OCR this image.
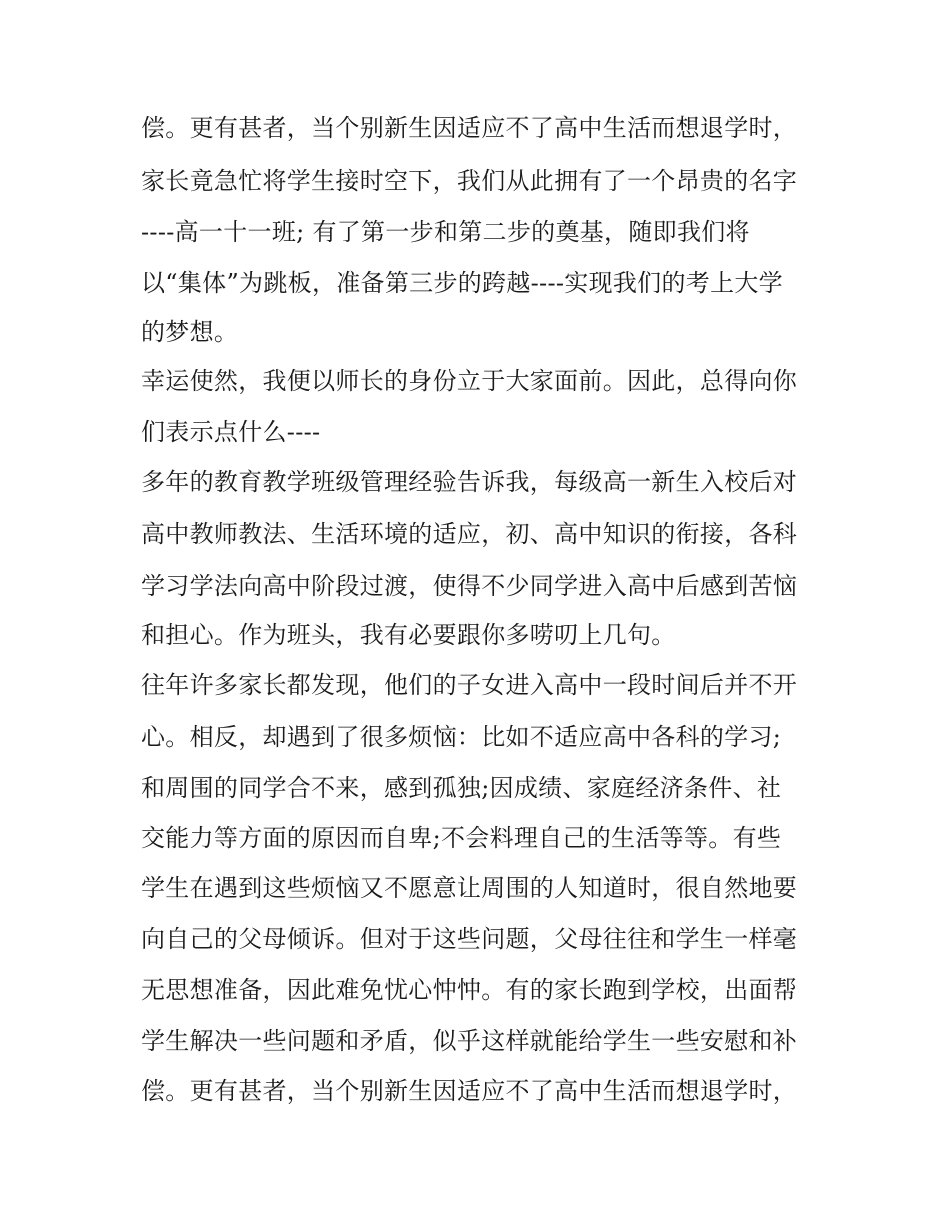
偿。更有甚者，当个别新生因适应不了高中生活而想退学时，
家长竟急忙将学生接时空下，我们从此拥有了一个昂贵的名字
----高一十一班; 有了第一步和第二步的奠基，随即我们将
以“集体”为跳板，准备第三步的跨越----实现我们的考上大学
的梦想。
幸运使然，我便以师长的身份立于大家面前。因此，总得向你
们表示点什么----
多年的教育教学班级管理经验告诉我，每级高一新生入校后对
高中教师教法、生活环境的适应，初、高中知识的衔接，各科
学习学法向高中阶段过渡，使得不少同学进入高中后感到苦恼
和担心。作为班头，我有必要跟你多唠叨上几句。
往年许多家长都发现，他们的子女进入高中一段时间后并不开
心。相反，却遇到了很多烦恼：比如不适应高中各科的学习;
和周围的同学合不来，感到孤独;因成绩、家庭经济条件、社
交能力等方面的原因而自卑;不会料理自己的生活等等。有些
学生在遇到这些烦恼又不愿意让周围的人知道时，很自然地要
向自己的父母倾诉。但对于这些问题，父母往往和学生一样毫
无思想准备，因此难免忧心忡忡。有的家长跑到学校，出面帮
学生解决一些问题和矛盾，似乎这样就能给学生一些安慰和补
偿。更有甚者，当个别新生因适应不了高中生活而想退学时，
